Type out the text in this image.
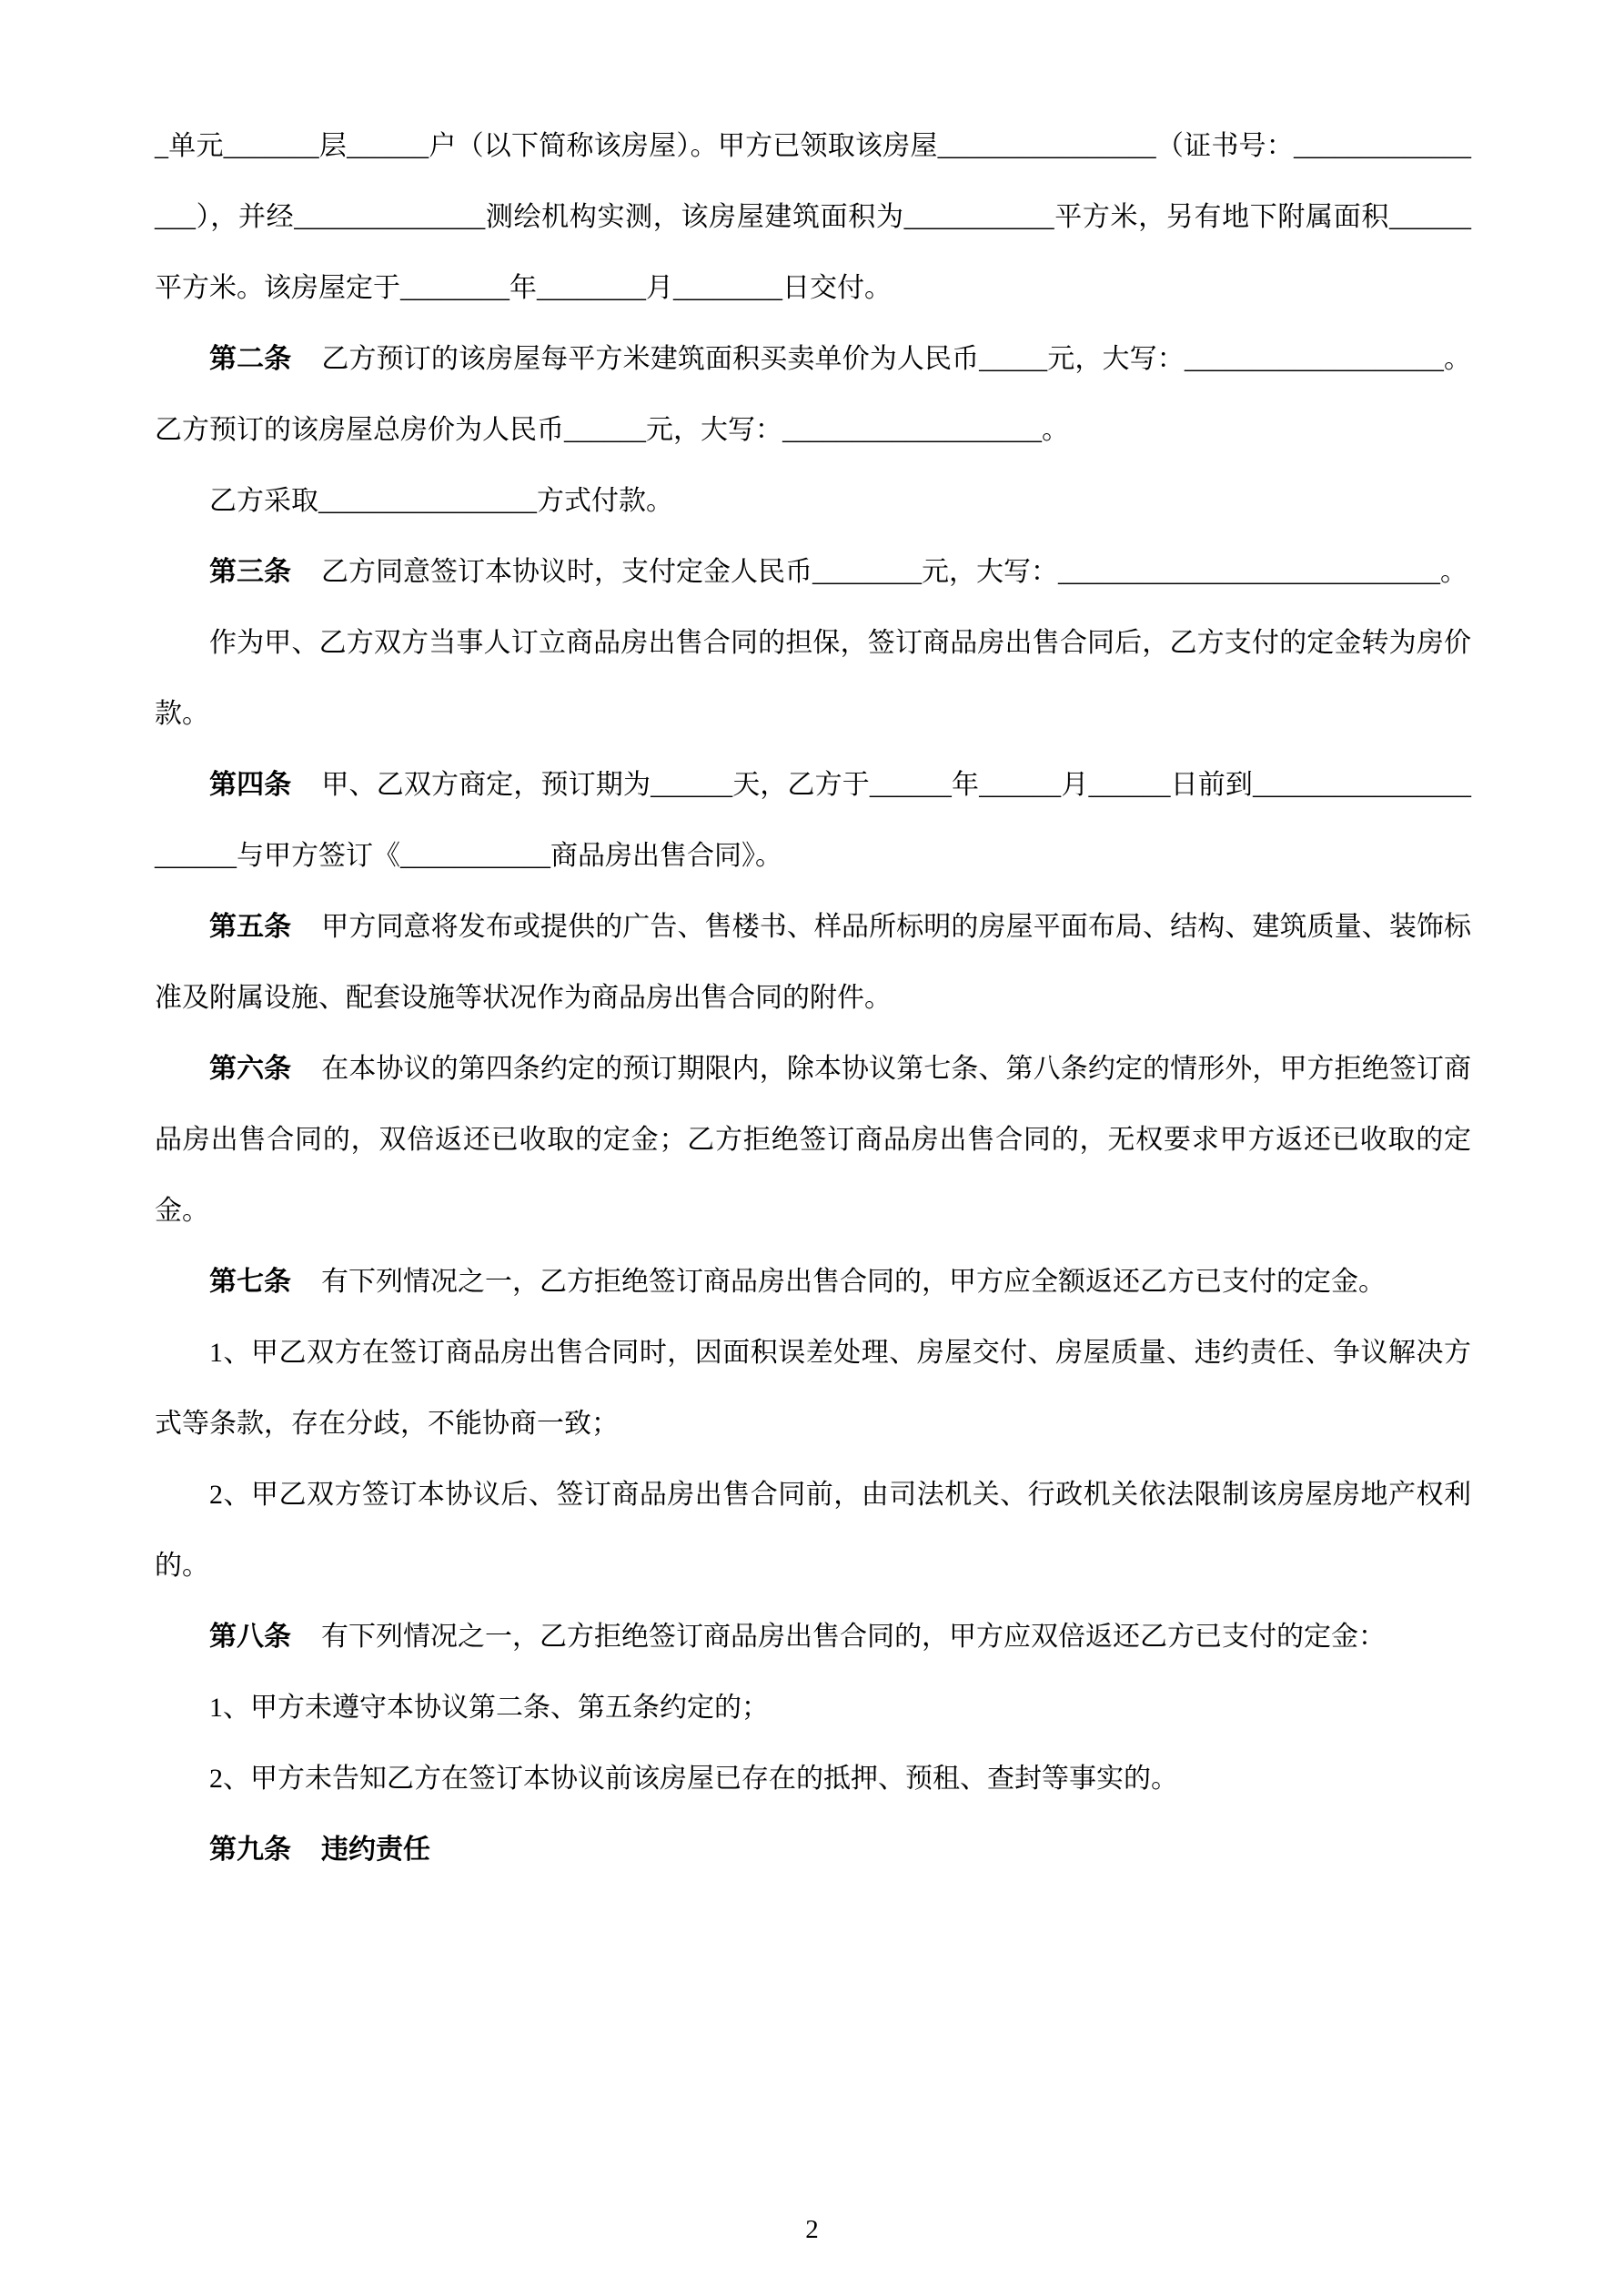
_单元_______层______户（以下简称该房屋）。甲方已领取该房屋________________（证书号：________________），并经______________测绘机构实测，该房屋建筑面积为___________平方米，另有地下附属面积______平方米。该房屋定于________年________月________日交付。

第二条 乙方预订的该房屋每平方米建筑面积买卖单价为人民币_____元，大写：___________________。乙方预订的该房屋总房价为人民币______元，大写：___________________。

乙方采取________________方式付款。

第三条 乙方同意签订本协议时，支付定金人民币________元，大写：____________________________。

作为甲、乙方双方当事人订立商品房出售合同的担保，签订商品房出售合同后，乙方支付的定金转为房价款。

第四条 甲、乙双方商定，预订期为______天，乙方于______年______月______日前到______________________与甲方签订《___________商品房出售合同》。

第五条 甲方同意将发布或提供的广告、售楼书、样品所标明的房屋平面布局、结构、建筑质量、装饰标准及附属设施、配套设施等状况作为商品房出售合同的附件。

第六条 在本协议的第四条约定的预订期限内，除本协议第七条、第八条约定的情形外，甲方拒绝签订商品房出售合同的，双倍返还已收取的定金；乙方拒绝签订商品房出售合同的，无权要求甲方返还已收取的定金。

第七条 有下列情况之一，乙方拒绝签订商品房出售合同的，甲方应全额返还乙方已支付的定金。

1、甲乙双方在签订商品房出售合同时，因面积误差处理、房屋交付、房屋质量、违约责任、争议解决方式等条款，存在分歧，不能协商一致；

2、甲乙双方签订本协议后、签订商品房出售合同前，由司法机关、行政机关依法限制该房屋房地产权利的。

第八条 有下列情况之一，乙方拒绝签订商品房出售合同的，甲方应双倍返还乙方已支付的定金：

1、甲方未遵守本协议第二条、第五条约定的；

2、甲方未告知乙方在签订本协议前该房屋已存在的抵押、预租、查封等事实的。

第九条 违约责任

2
